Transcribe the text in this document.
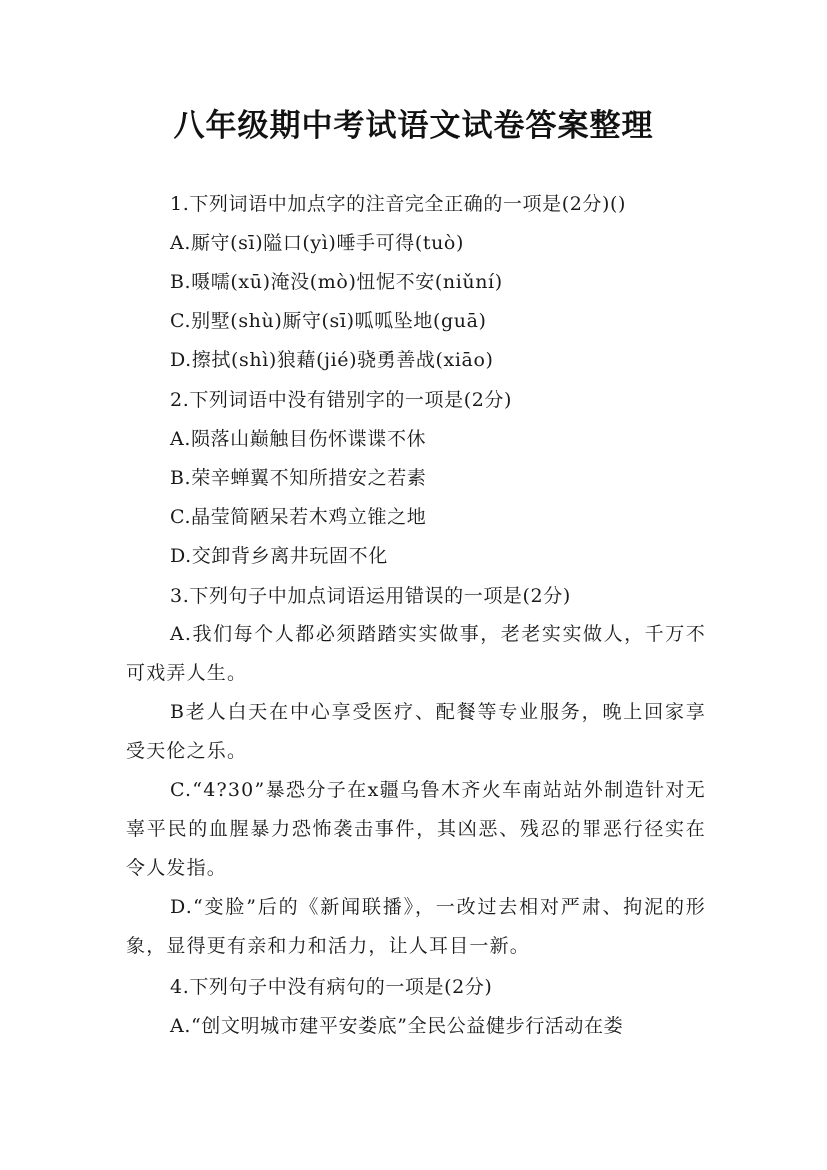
八年级期中考试语文试卷答案整理
1.下列词语中加点字的注音完全正确的一项是(2分)()
A.厮守(sī)隘口(yì)唾手可得(tuò)
B.嗫嚅(xū)淹没(mò)忸怩不安(niǔní)
C.别墅(shù)厮守(sī)呱呱坠地(guā)
D.擦拭(shì)狼藉(jié)骁勇善战(xiāo)
2.下列词语中没有错别字的一项是(2分)
A.陨落山巅触目伤怀谍谍不休
B.荣辛蝉翼不知所措安之若素
C.晶莹简陋呆若木鸡立锥之地
D.交卸背乡离井玩固不化
3.下列句子中加点词语运用错误的一项是(2分)
A.我们每个人都必须踏踏实实做事，老老实实做人，千万不可戏弄人生。
B老人白天在中心享受医疗、配餐等专业服务，晚上回家享受天伦之乐。
C.“4?30”暴恐分子在x疆乌鲁木齐火车南站站外制造针对无辜平民的血腥暴力恐怖袭击事件，其凶恶、残忍的罪恶行径实在令人发指。
D.“变脸”后的《新闻联播》，一改过去相对严肃、拘泥的形象，显得更有亲和力和活力，让人耳目一新。
4.下列句子中没有病句的一项是(2分)
A.“创文明城市建平安娄底”全民公益健步行活动在娄
